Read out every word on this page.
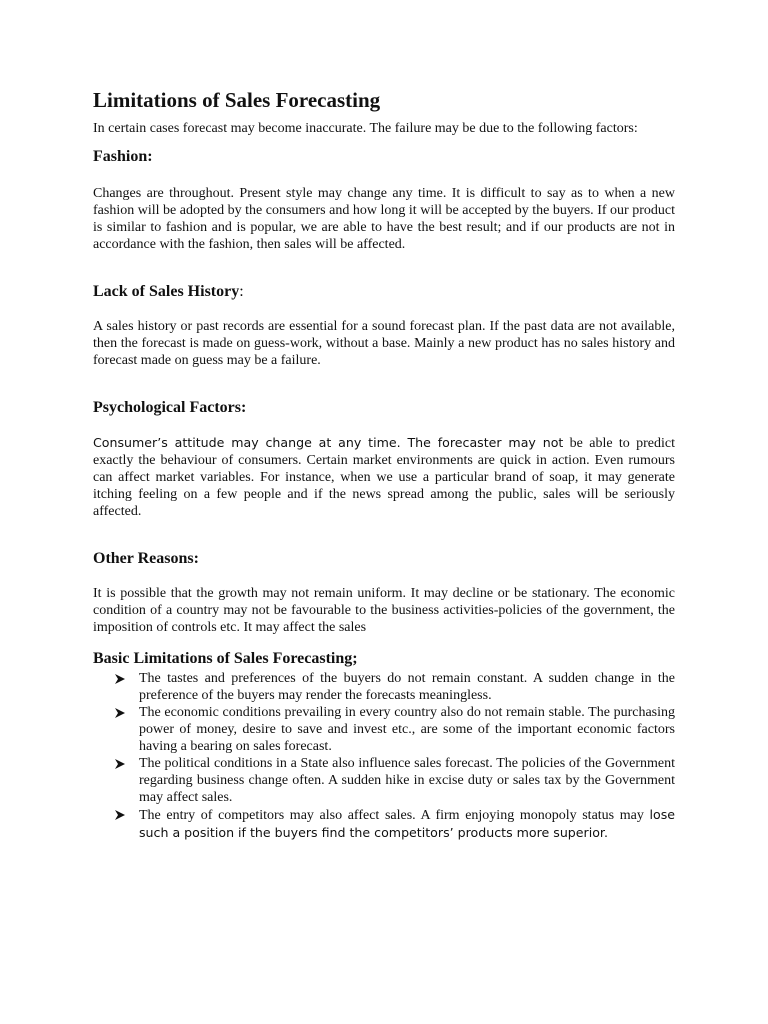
Limitations of Sales Forecasting

In certain cases forecast may become inaccurate. The failure may be due to the following factors:

Fashion:

Changes are throughout. Present style may change any time. It is difficult to say as to when a new fashion will be adopted by the consumers and how long it will be accepted by the buyers. If our product is similar to fashion and is popular, we are able to have the best result; and if our products are not in accordance with the fashion, then sales will be affected.

Lack of Sales History:

A sales history or past records are essential for a sound forecast plan. If the past data are not available, then the forecast is made on guess-work, without a base. Mainly a new product has no sales history and forecast made on guess may be a failure.

Psychological Factors:

Consumer’s attitude may change at any time. The forecaster may not be able to predict exactly the behaviour of consumers. Certain market environments are quick in action. Even rumours can affect market variables. For instance, when we use a particular brand of soap, it may generate itching feeling on a few people and if the news spread among the public, sales will be seriously affected.

Other Reasons:

It is possible that the growth may not remain uniform. It may decline or be stationary. The economic condition of a country may not be favourable to the business activities-policies of the government, the imposition of controls etc. It may affect the sales

Basic Limitations of Sales Forecasting;
The tastes and preferences of the buyers do not remain constant. A sudden change in the preference of the buyers may render the forecasts meaningless.
The economic conditions prevailing in every country also do not remain stable. The purchasing power of money, desire to save and invest etc., are some of the important economic factors having a bearing on sales forecast.
The political conditions in a State also influence sales forecast. The policies of the Government regarding business change often. A sudden hike in excise duty or sales tax by the Government may affect sales.
The entry of competitors may also affect sales. A firm enjoying monopoly status may lose such a position if the buyers find the competitors’ products more superior.
